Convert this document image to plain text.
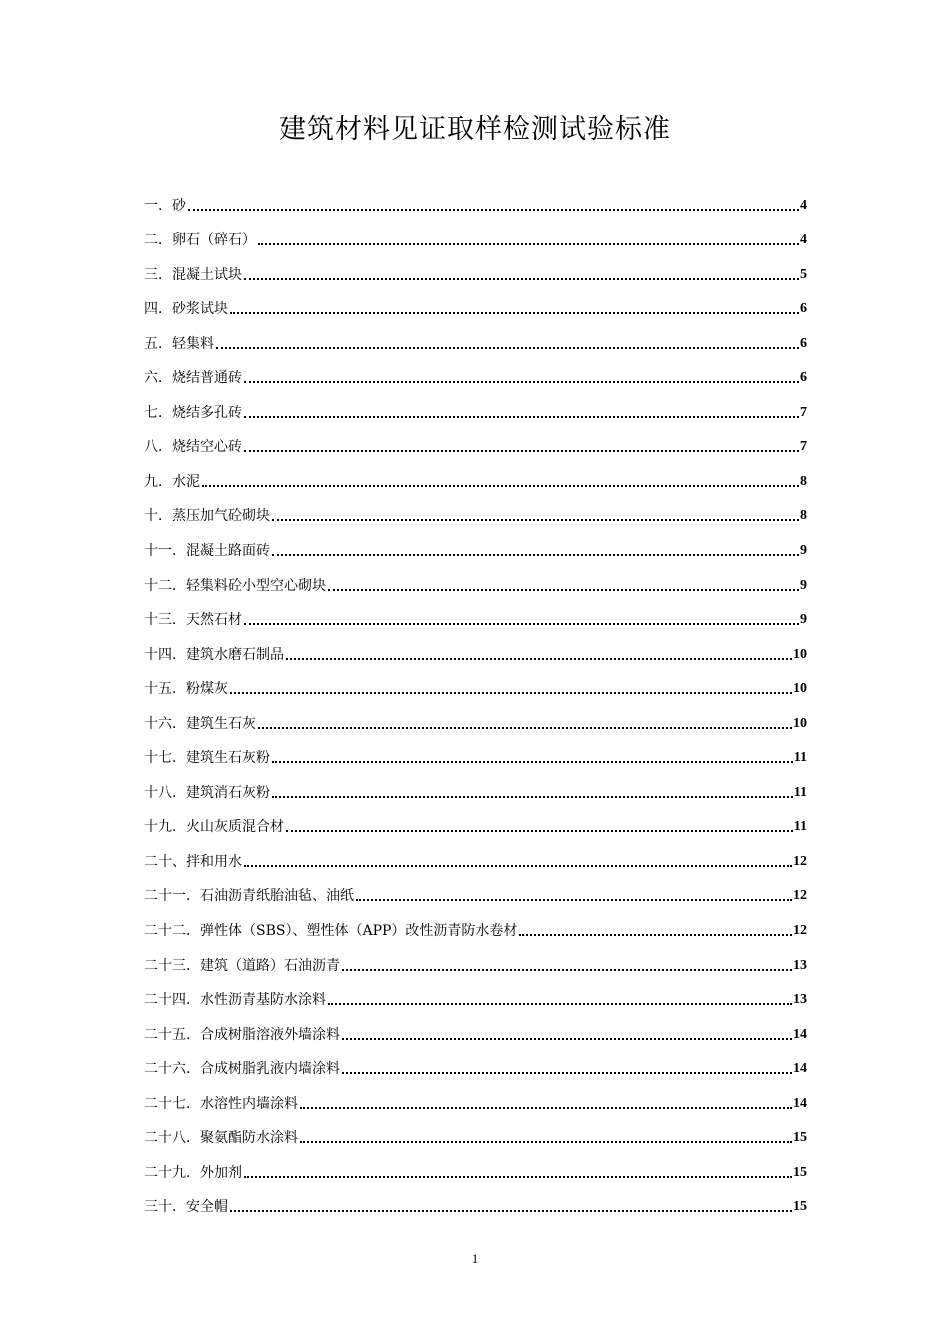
建筑材料见证取样检测试验标准
一．砂	4
二．卵石（碎石）	4
三．混凝土试块	5
四．砂浆试块	6
五．轻集料	6
六．烧结普通砖	6
七．烧结多孔砖	7
八．烧结空心砖	7
九．水泥	8
十．蒸压加气砼砌块	8
十一．混凝土路面砖	9
十二．轻集料砼小型空心砌块	9
十三．天然石材	9
十四．建筑水磨石制品	10
十五．粉煤灰	10
十六．建筑生石灰	10
十七．建筑生石灰粉	11
十八．建筑消石灰粉	11
十九．火山灰质混合材	11
二十、拌和用水	12
二十一．石油沥青纸胎油毡、油纸	12
二十二．弹性体（SBS）、塑性体（APP）改性沥青防水卷材	12
二十三．建筑（道路）石油沥青	13
二十四．水性沥青基防水涂料	13
二十五．合成树脂溶液外墙涂料	14
二十六．合成树脂乳液内墙涂料	14
二十七．水溶性内墙涂料	14
二十八．聚氨酯防水涂料	15
二十九．外加剂	15
三十．安全帽	15
1
